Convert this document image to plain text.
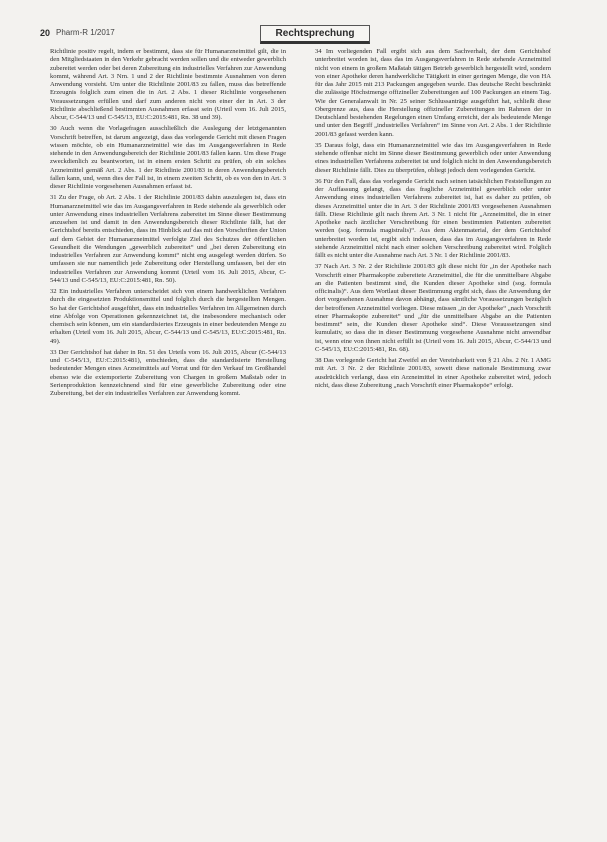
20 Pharm-R 1/2017	Rechtsprechung

Richtlinie positiv regelt, indem er bestimmt, dass sie für Humanarzneimittel gilt, die in den Mitgliedstaaten in den Verkehr gebracht werden sollen und die entweder gewerblich zubereitet werden oder bei deren Zubereitung ein industrielles Verfahren zur Anwendung kommt, während Art. 3 Nrn. 1 und 2 der Richtlinie bestimmte Ausnahmen von deren Anwendung vorsieht. Um unter die Richtlinie 2001/83 zu fallen, muss das betreffende Erzeugnis folglich zum einen die in Art. 2 Abs. 1 dieser Richtlinie vorgesehenen Voraussetzungen erfüllen und darf zum anderen nicht von einer der in Art. 3 der Richtlinie abschließend bestimmten Ausnahmen erfasst sein (Urteil vom 16. Juli 2015, Abcur, C-544/13 und C-545/13, EU:C:2015:481, Rn. 38 und 39).

30 Auch wenn die Vorlagefragen ausschließlich die Auslegung der letztgenannten Vorschrift betreffen, ist darum angezeigt, dass das vorlegende Gericht mit diesen Fragen wissen möchte, ob ein Humanarzneimittel wie das im Ausgangsverfahren in Rede stehende in den Anwendungsbereich der Richtlinie 2001/83 fallen kann. Um diese Frage zweckdienlich zu beantworten, ist in einem ersten Schritt zu prüfen, ob ein solches Arzneimittel gemäß Art. 2 Abs. 1 der Richtlinie 2001/83 in deren Anwendungsbereich fallen kann, und, wenn dies der Fall ist, in einem zweiten Schritt, ob es von den in Art. 3 dieser Richtlinie vorgesehenen Ausnahmen erfasst ist.

31 Zu der Frage, ob Art. 2 Abs. 1 der Richtlinie 2001/83 dahin auszulegen ist, dass ein Humanarzneimittel wie das im Ausgangsverfahren in Rede stehende als gewerblich oder unter Anwendung eines industriellen Verfahrens zubereitet im Sinne dieser Bestimmung anzusehen ist und damit in den Anwendungsbereich dieser Richtlinie fällt, hat der Gerichtshof bereits entschieden, dass im Hinblick auf das mit den Vorschriften der Union auf dem Gebiet der Humanarzneimittel verfolgte Ziel des Schutzes der öffentlichen Gesundheit die Wendungen „gewerblich zubereitet“ und „bei deren Zubereitung ein industrielles Verfahren zur Anwendung kommt“ nicht eng ausgelegt werden dürfen. So umfassen sie nur namentlich jede Zubereitung oder Herstellung umfassen, bei der ein industrielles Verfahren zur Anwendung kommt (Urteil vom 16. Juli 2015, Abcur, C-544/13 und C-545/13, EU:C:2015:481, Rn. 50).

32 Ein industrielles Verfahren unterscheidet sich von einem handwerklichen Verfahren durch die eingesetzten Produktionsmittel und folglich durch die hergestellten Mengen. So hat der Gerichtshof ausgeführt, dass ein industrielles Verfahren im Allgemeinen durch eine Abfolge von Operationen gekennzeichnet ist, die insbesondere mechanisch oder chemisch sein können, um ein standardisiertes Erzeugnis in einer bedeutenden Menge zu erhalten (Urteil vom 16. Juli 2015, Abcur, C-544/13 und C-545/13, EU:C:2015:481, Rn. 49).

33 Der Gerichtshof hat daher in Rn. 51 des Urteils vom 16. Juli 2015, Abcur (C-544/13 und C-545/13, EU:C:2015:481), entschieden, dass die standardisierte Herstellung bedeutender Mengen eines Arzneimittels auf Vorrat und für den Verkauf im Großhandel ebenso wie die extemporierte Zubereitung von Chargen in großem Maßstab oder in Serienproduktion kennzeichnend sind für eine gewerbliche Zubereitung oder eine Zubereitung, bei der ein industrielles Verfahren zur Anwendung kommt.

34 Im vorliegenden Fall ergibt sich aus dem Sachverhalt, der dem Gerichtshof unterbreitet worden ist, dass das im Ausgangsverfahren in Rede stehende Arzneimittel nicht von einem in großem Maßstab tätigen Betrieb gewerblich hergestellt wird, sondern von einer Apotheke deren handwerkliche Tätigkeit in einer geringen Menge, die von HA für das Jahr 2015 mit 213 Packungen angegeben wurde. Das deutsche Recht beschränkt die zulässige Höchstmenge offizineller Zubereitungen auf 100 Packungen an einem Tag. Wie der Generalanwalt in Nr. 25 seiner Schlussanträge ausgeführt hat, schließt diese Obergrenze aus, dass die Herstellung offizineller Zubereitungen im Rahmen der in Deutschland bestehenden Regelungen einen Umfang erreicht, der als bedeutende Menge und unter den Begriff „industrielles Verfahren“ im Sinne von Art. 2 Abs. 1 der Richtlinie 2001/83 gefasst werden kann.

35 Daraus folgt, dass ein Humanarzneimittel wie das im Ausgangsverfahren in Rede stehende offenbar nicht im Sinne dieser Bestimmung gewerblich oder unter Anwendung eines industriellen Verfahrens zubereitet ist und folglich nicht in den Anwendungsbereich dieser Richtlinie fällt. Dies zu überprüfen, obliegt jedoch dem vorlegenden Gericht.

36 Für den Fall, dass das vorlegende Gericht nach seinen tatsächlichen Feststellungen zu der Auffassung gelangt, dass das fragliche Arzneimittel gewerblich oder unter Anwendung eines industriellen Verfahrens zubereitet ist, hat es daher zu prüfen, ob dieses Arzneimittel unter die in Art. 3 der Richtlinie 2001/83 vorgesehenen Ausnahmen fällt. Diese Richtlinie gilt nach ihrem Art. 3 Nr. 1 nicht für „Arzneimittel, die in einer Apotheke nach ärztlicher Verschreibung für einen bestimmten Patienten zubereitet werden (sog. formula magistralis)“. Aus dem Aktenmaterial, der dem Gerichtshof unterbreitet worden ist, ergibt sich indessen, dass das im Ausgangsverfahren in Rede stehende Arzneimittel nicht nach einer solchen Verschreibung zubereitet wird. Folglich fällt es nicht unter die Ausnahme nach Art. 3 Nr. 1 der Richtlinie 2001/83.

37 Nach Art. 3 Nr. 2 der Richtlinie 2001/83 gilt diese nicht für „in der Apotheke nach Vorschrift einer Pharmakopöe zubereitete Arzneimittel, die für die unmittelbare Abgabe an die Patienten bestimmt sind, die Kunden dieser Apotheke sind (sog. formula officinalis)“. Aus dem Wortlaut dieser Bestimmung ergibt sich, dass die Anwendung der dort vorgesehenen Ausnahme davon abhängt, dass sämtliche Voraussetzungen bezüglich der betroffenen Arzneimittel vorliegen. Diese müssen „in der Apotheke“ „nach Vorschrift einer Pharmakopöe zubereitet“ und „für die unmittelbare Abgabe an die Patienten bestimmt“ sein, die Kunden dieser Apotheke sind“. Diese Voraussetzungen sind kumulativ, so dass die in dieser Bestimmung vorgesehene Ausnahme nicht anwendbar ist, wenn eine von ihnen nicht erfüllt ist (Urteil vom 16. Juli 2015, Abcur, C-544/13 und C-545/13, EU:C:2015:481, Rn. 68).

38 Das vorlegende Gericht hat Zweifel an der Vereinbarkeit von § 21 Abs. 2 Nr. 1 AMG mit Art. 3 Nr. 2 der Richtlinie 2001/83, soweit diese nationale Bestimmung zwar ausdrücklich verlangt, dass ein Arzneimittel in einer Apotheke zubereitet wird, jedoch nicht, dass diese Zubereitung „nach Vorschrift einer Pharmakopöe“ erfolgt.
